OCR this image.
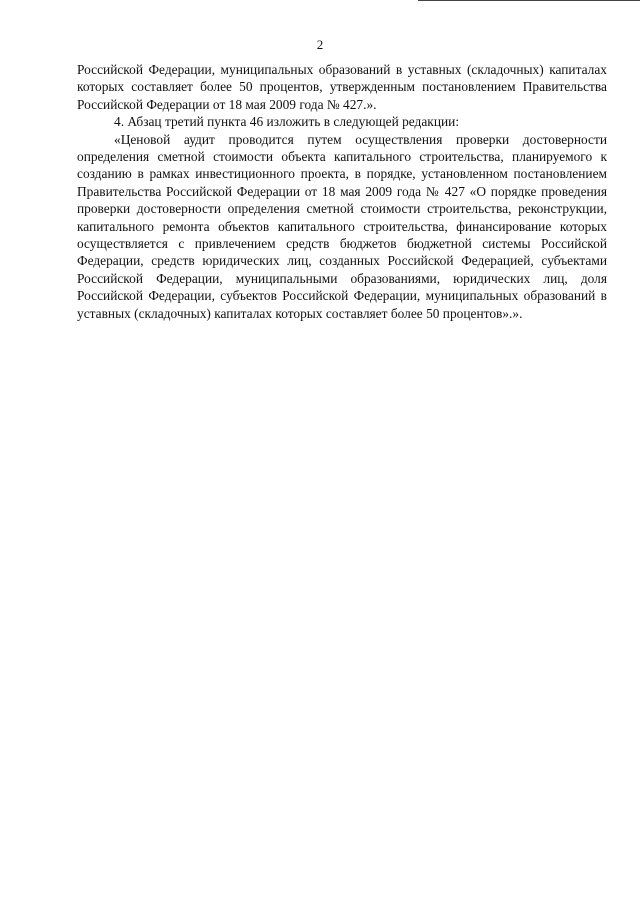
2

Российской Федерации, муниципальных образований в уставных (складочных) капиталах которых составляет более 50 процентов, утвержденным постановлением Правительства Российской Федерации от 18 мая 2009 года № 427.».

4. Абзац третий пункта 46 изложить в следующей редакции:

«Ценовой аудит проводится путем осуществления проверки достоверности определения сметной стоимости объекта капитального строительства, планируемого к созданию в рамках инвестиционного проекта, в порядке, установленном постановлением Правительства Российской Федерации от 18 мая 2009 года № 427 «О порядке проведения проверки достоверности определения сметной стоимости строительства, реконструкции, капитального ремонта объектов капитального строительства, финансирование которых осуществляется с привлечением средств бюджетов бюджетной системы Российской Федерации, средств юридических лиц, созданных Российской Федерацией, субъектами Российской Федерации, муниципальными образованиями, юридических лиц, доля Российской Федерации, субъектов Российской Федерации, муниципальных образований в уставных (складочных) капиталах которых составляет более 50 процентов».».
